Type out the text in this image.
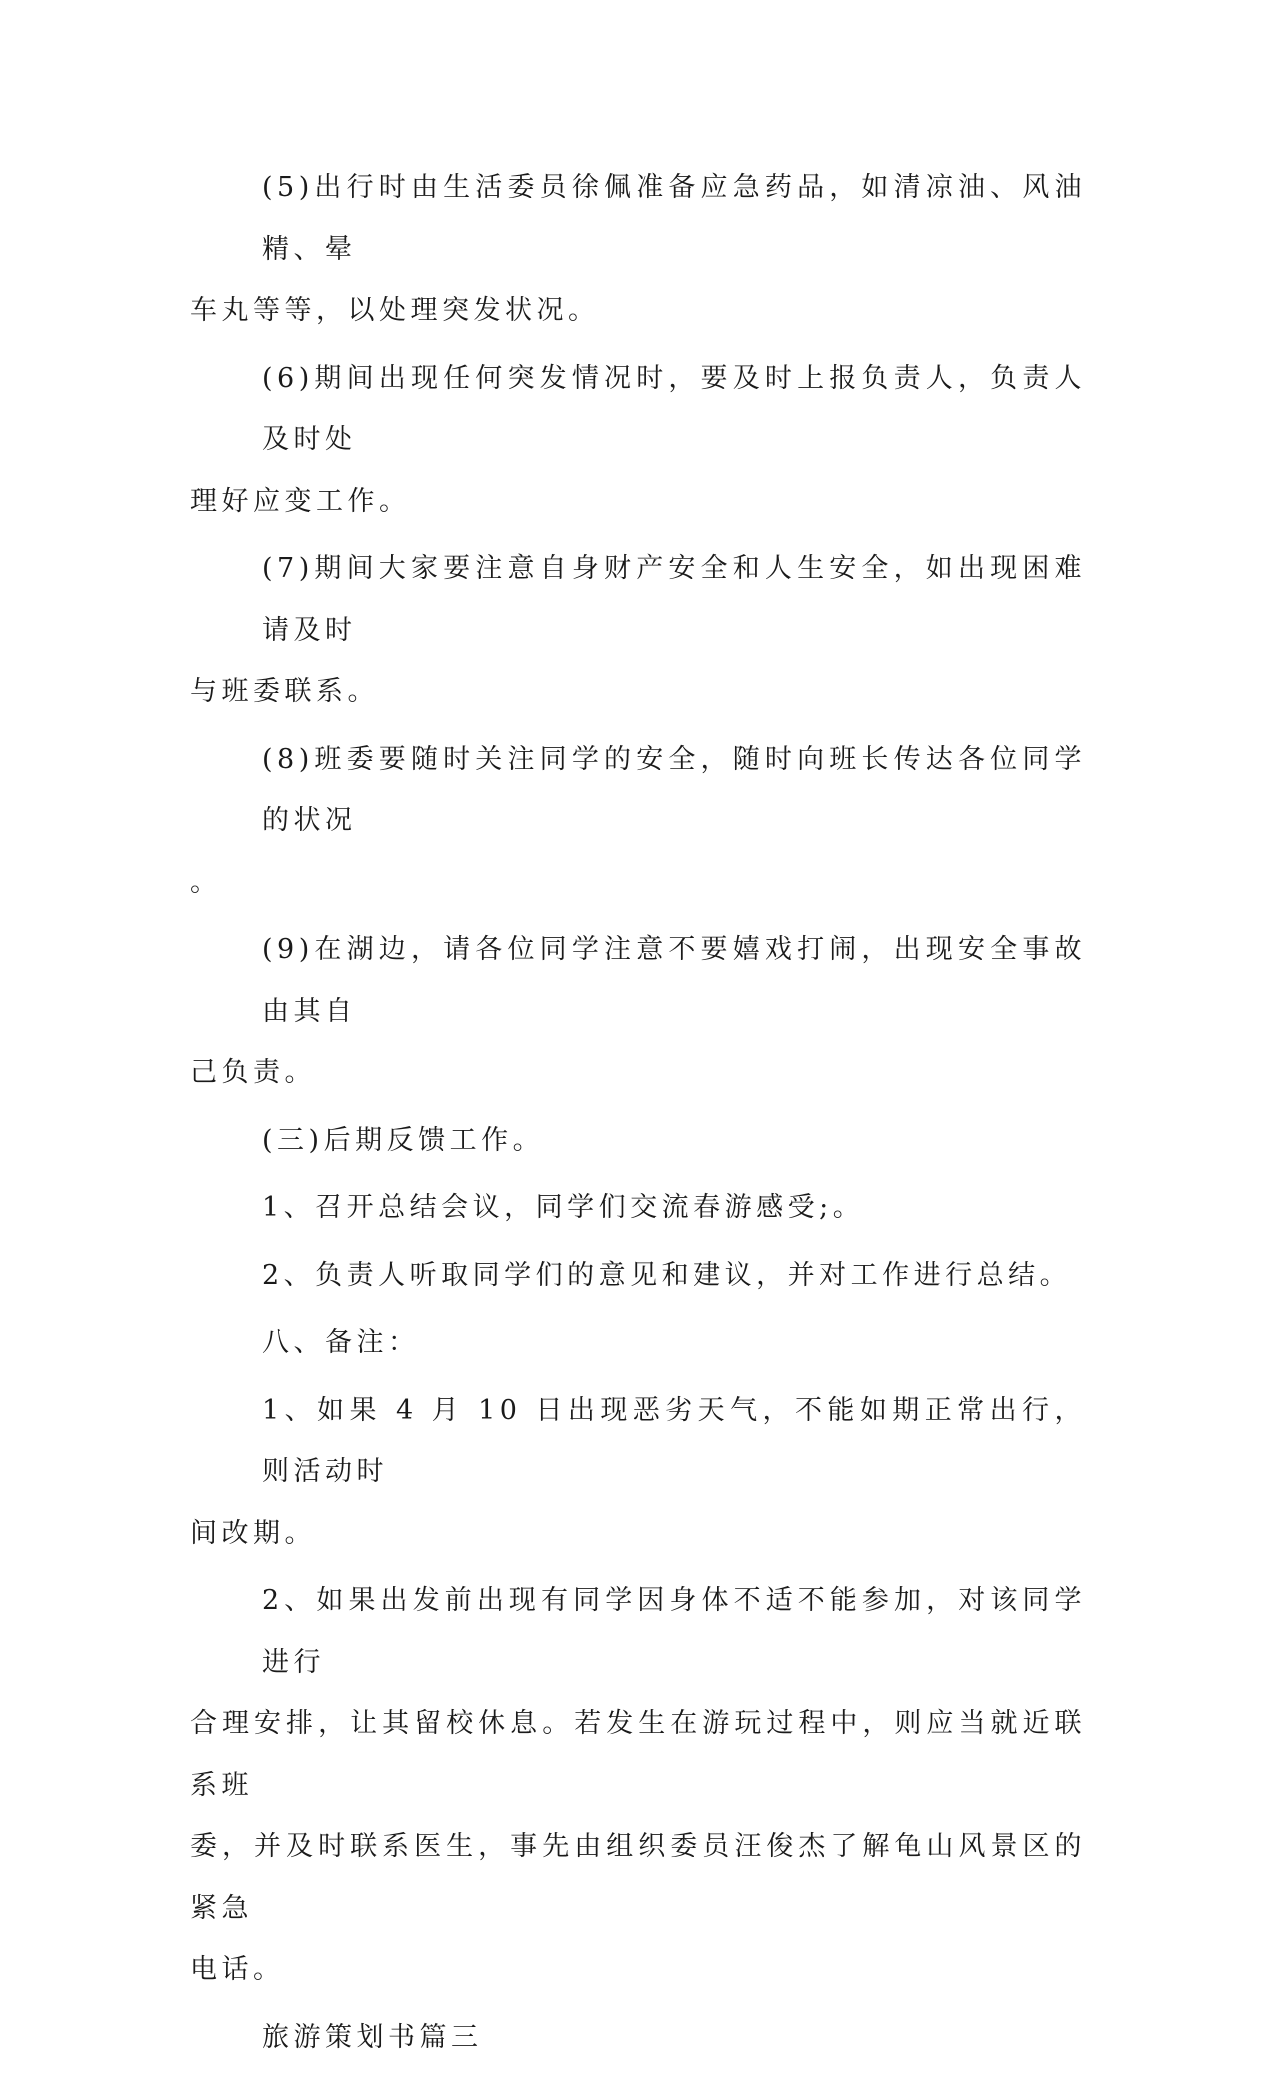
(5)出行时由生活委员徐佩准备应急药品，如清凉油、风油精、晕
车丸等等，以处理突发状况。
(6)期间出现任何突发情况时，要及时上报负责人，负责人及时处
理好应变工作。
(7)期间大家要注意自身财产安全和人生安全，如出现困难请及时
与班委联系。
(8)班委要随时关注同学的安全，随时向班长传达各位同学的状况
。
(9)在湖边，请各位同学注意不要嬉戏打闹，出现安全事故由其自
己负责。
(三)后期反馈工作。
1、召开总结会议，同学们交流春游感受;。
2、负责人听取同学们的意见和建议，并对工作进行总结。
八、备注：
1、如果 4 月 10 日出现恶劣天气，不能如期正常出行，则活动时
间改期。
2、如果出发前出现有同学因身体不适不能参加，对该同学进行
合理安排，让其留校休息。若发生在游玩过程中，则应当就近联系班
委，并及时联系医生，事先由组织委员汪俊杰了解龟山风景区的紧急
电话。
旅游策划书篇三
